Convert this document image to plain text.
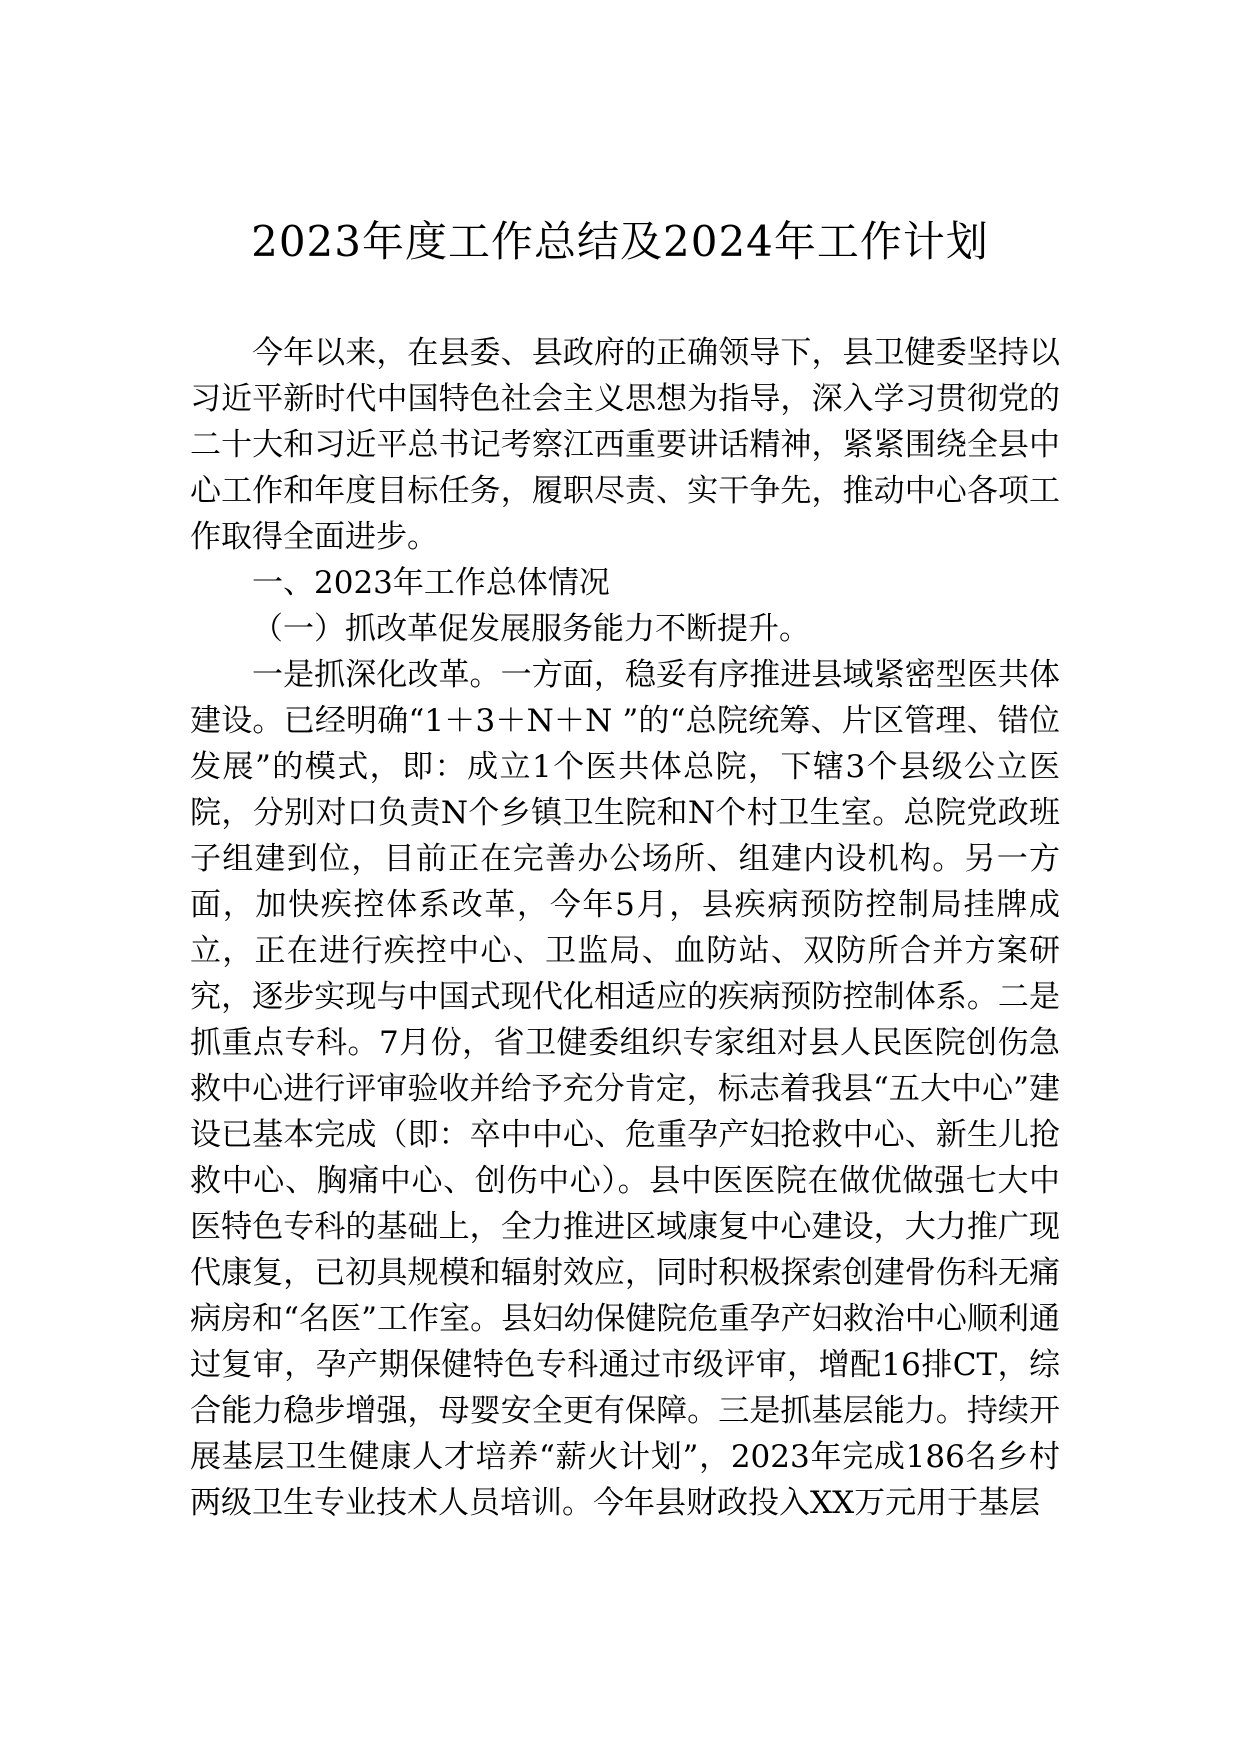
2023年度工作总结及2024年工作计划

今年以来，在县委、县政府的正确领导下，县卫健委坚持以习近平新时代中国特色社会主义思想为指导，深入学习贯彻党的二十大和习近平总书记考察江西重要讲话精神，紧紧围绕全县中心工作和年度目标任务，履职尽责、实干争先，推动中心各项工作取得全面进步。

一、2023年工作总体情况

（一）抓改革促发展服务能力不断提升。

一是抓深化改革。一方面，稳妥有序推进县域紧密型医共体建设。已经明确“1＋3＋N＋N ”的“总院统筹、片区管理、错位发展”的模式，即：成立1个医共体总院，下辖3个县级公立医院，分别对口负责N个乡镇卫生院和N个村卫生室。总院党政班子组建到位，目前正在完善办公场所、组建内设机构。另一方面，加快疾控体系改革，今年5月，县疾病预防控制局挂牌成立，正在进行疾控中心、卫监局、血防站、双防所合并方案研究，逐步实现与中国式现代化相适应的疾病预防控制体系。二是抓重点专科。7月份，省卫健委组织专家组对县人民医院创伤急救中心进行评审验收并给予充分肯定，标志着我县“五大中心”建设已基本完成（即：卒中中心、危重孕产妇抢救中心、新生儿抢救中心、胸痛中心、创伤中心）。县中医医院在做优做强七大中医特色专科的基础上，全力推进区域康复中心建设，大力推广现代康复，已初具规模和辐射效应，同时积极探索创建骨伤科无痛病房和“名医”工作室。县妇幼保健院危重孕产妇救治中心顺利通过复审，孕产期保健特色专科通过市级评审，增配16排CT，综合能力稳步增强，母婴安全更有保障。三是抓基层能力。持续开展基层卫生健康人才培养“薪火计划”，2023年完成186名乡村两级卫生专业技术人员培训。今年县财政投入XX万元用于基层
